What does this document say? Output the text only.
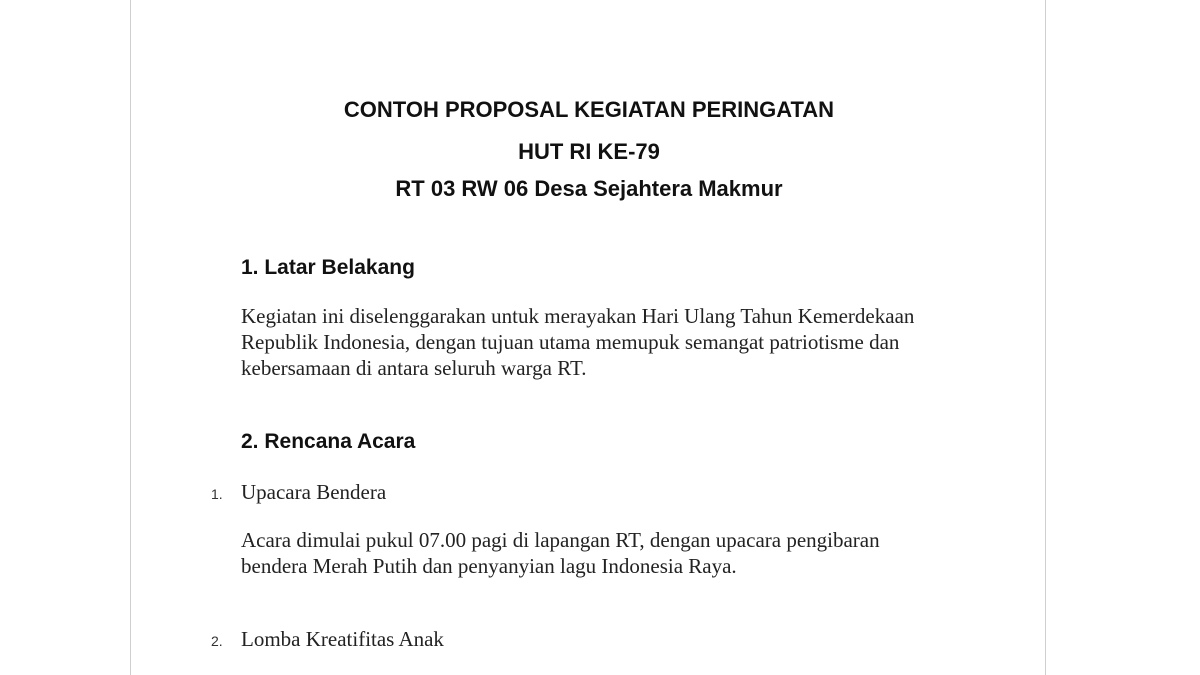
CONTOH PROPOSAL KEGIATAN PERINGATAN
HUT RI KE-79
RT 03 RW 06 Desa Sejahtera Makmur
1. Latar Belakang

Kegiatan ini diselenggarakan untuk merayakan Hari Ulang Tahun Kemerdekaan Republik Indonesia, dengan tujuan utama memupuk semangat patriotisme dan kebersamaan di antara seluruh warga RT.

2. Rencana Acara
1. Upacara Bendera

Acara dimulai pukul 07.00 pagi di lapangan RT, dengan upacara pengibaran bendera Merah Putih dan penyanyian lagu Indonesia Raya.

2. Lomba Kreatifitas Anak
